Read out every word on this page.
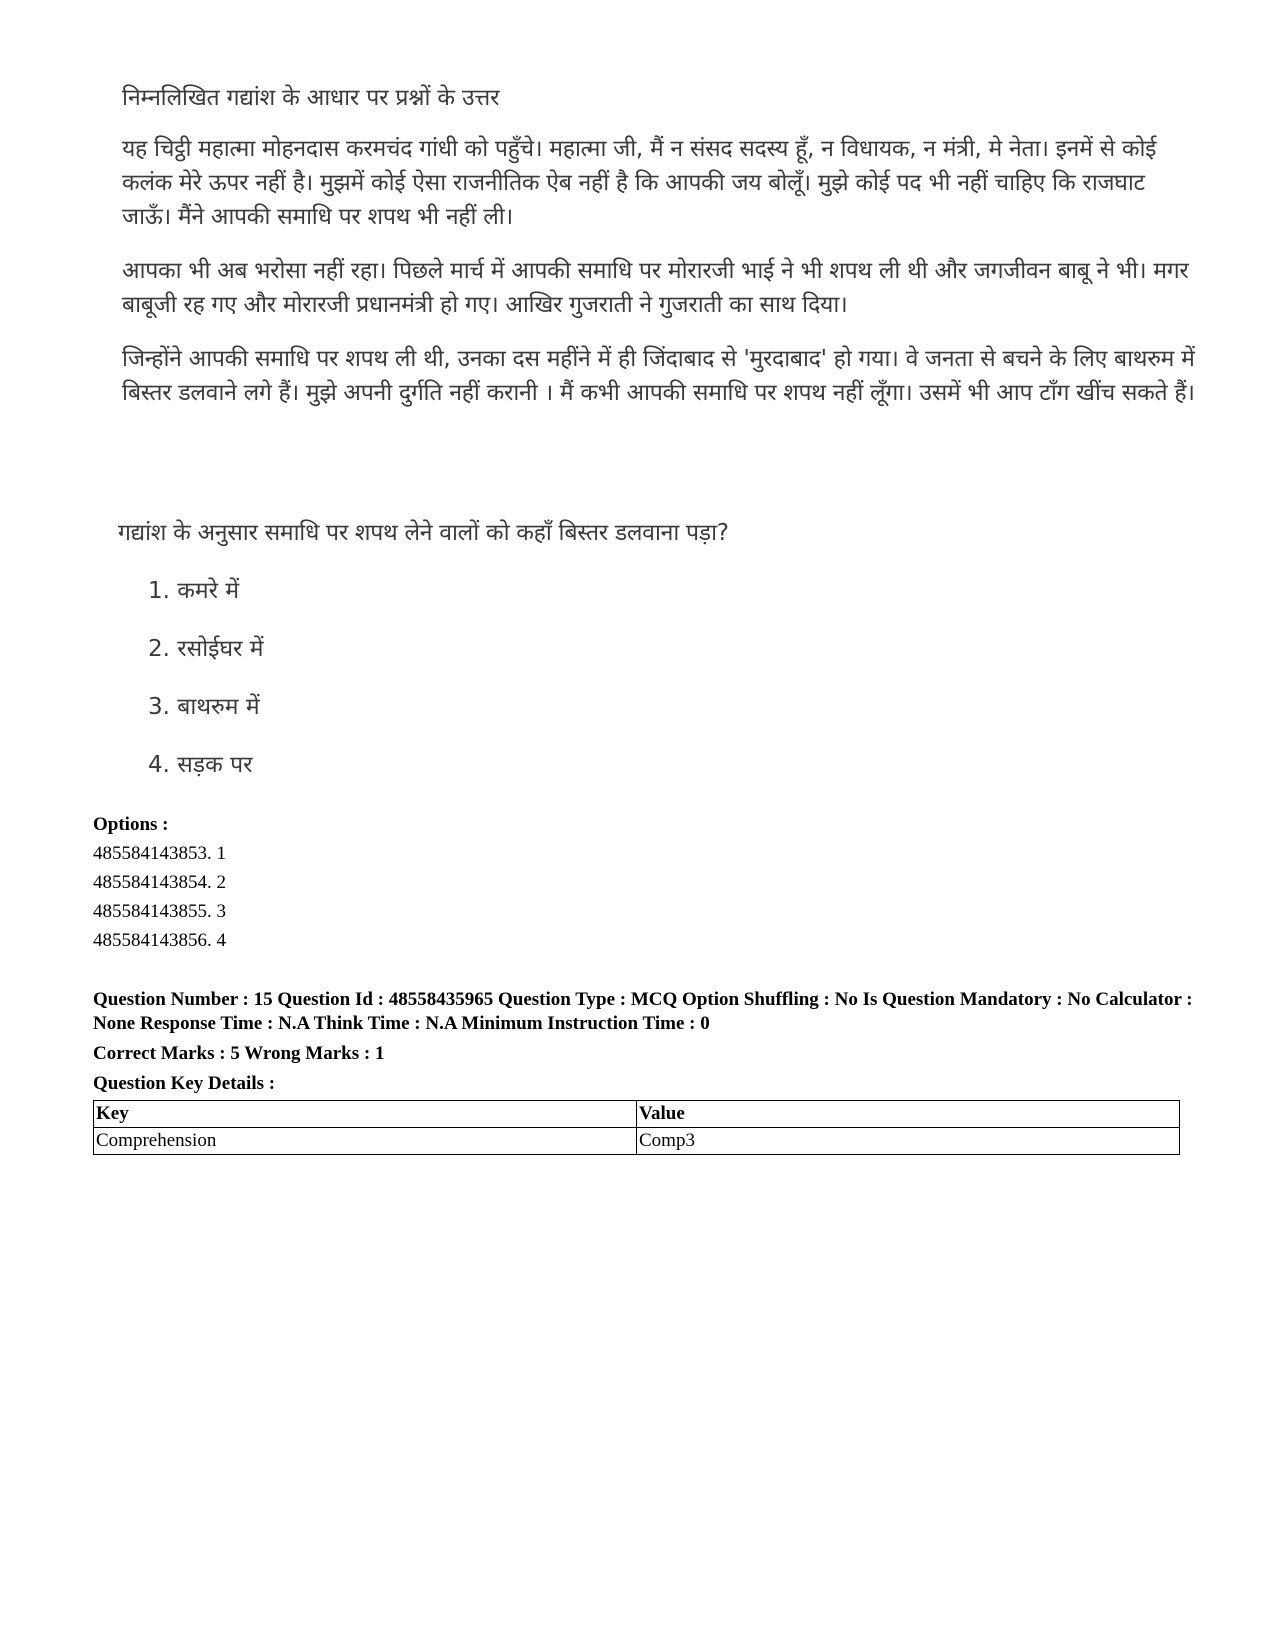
निम्नलिखित गद्यांश के आधार पर प्रश्नों के उत्तर
यह चिट्ठी महात्मा मोहनदास करमचंद गांधी को पहुँचे। महात्मा जी, मैं न संसद सदस्य हूँ, न विधायक, न मंत्री, मे नेता। इनमें से कोई कलंक मेरे ऊपर नहीं है। मुझमें कोई ऐसा राजनीतिक ऐब नहीं है कि आपकी जय बोलूँ। मुझे कोई पद भी नहीं चाहिए कि राजघाट जाऊँ। मैंने आपकी समाधि पर शपथ भी नहीं ली।
आपका भी अब भरोसा नहीं रहा। पिछले मार्च में आपकी समाधि पर मोरारजी भाई ने भी शपथ ली थी और जगजीवन बाबू ने भी। मगर बाबूजी रह गए और मोरारजी प्रधानमंत्री हो गए। आखिर गुजराती ने गुजराती का साथ दिया।
जिन्होंने आपकी समाधि पर शपथ ली थी, उनका दस महींने में ही जिंदाबाद से 'मुरदाबाद' हो गया। वे जनता से बचने के लिए बाथरुम में बिस्तर डलवाने लगे हैं। मुझे अपनी दुर्गति नहीं करानी । मैं कभी आपकी समाधि पर शपथ नहीं लूँगा। उसमें भी आप टाँग खींच सकते हैं।
गद्यांश के अनुसार समाधि पर शपथ लेने वालों को कहाँ बिस्तर डलवाना पड़ा?
1. कमरे में
2. रसोईघर में
3. बाथरुम में
4. सड़क पर
Options :
485584143853. 1
485584143854. 2
485584143855. 3
485584143856. 4

Question Number : 15 Question Id : 48558435965 Question Type : MCQ Option Shuffling : No Is Question Mandatory : No Calculator : None Response Time : N.A Think Time : N.A Minimum Instruction Time : 0

Correct Marks : 5 Wrong Marks : 1

Question Key Details :

Key	Value
Comprehension	Comp3
